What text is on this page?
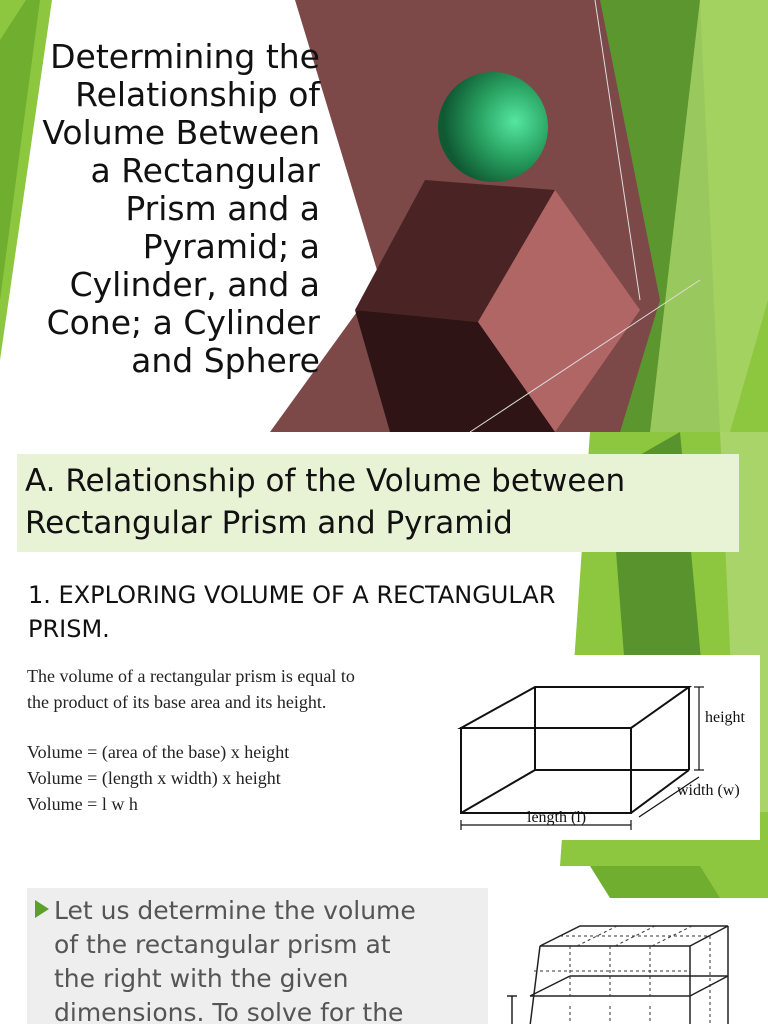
Determining the
Relationship of
Volume Between
a Rectangular
Prism and a
Pyramid; a
Cylinder, and a
Cone; a Cylinder
and Sphere
A. Relationship of the Volume between
Rectangular Prism and Pyramid
1. EXPLORING VOLUME OF A RECTANGULAR
PRISM.
The volume of a rectangular prism is equal to
the product of its base area and its height.
Volume = (area of the base) x height
Volume = (length x width) x height
Volume = l w h
height
width (w)
length (l)
Let us determine the volume
of the rectangular prism at
the right with the given
dimensions. To solve for the
